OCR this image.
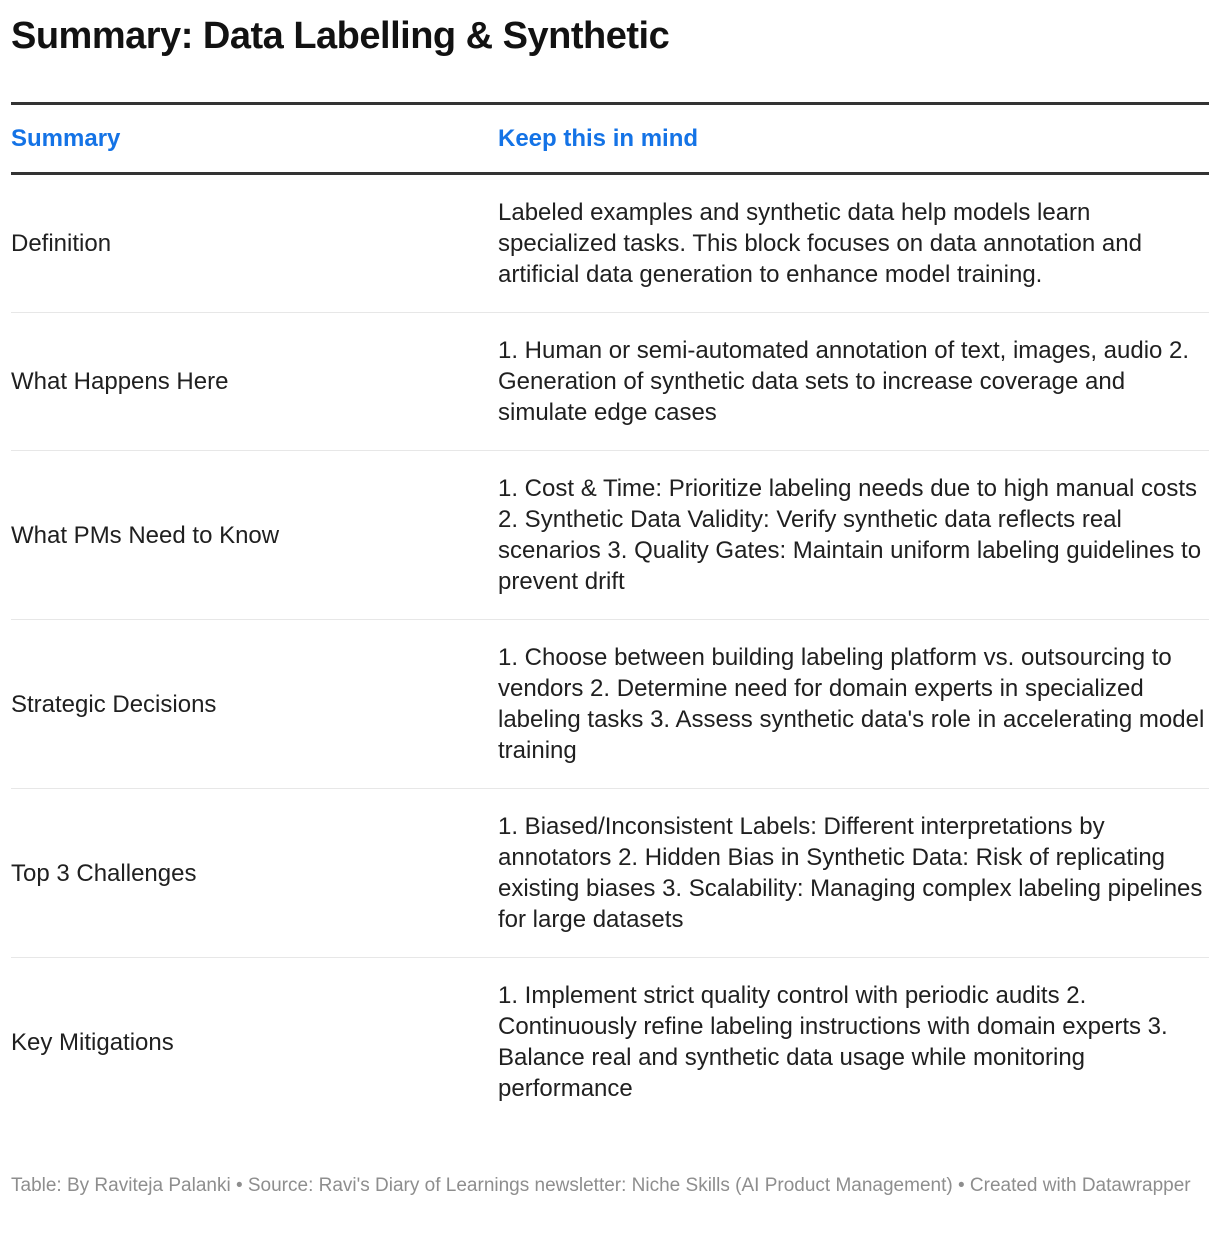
Summary: Data Labelling & Synthetic
Summary	Keep this in mind
Definition	Labeled examples and synthetic data help models learn specialized tasks. This block focuses on data annotation and artificial data generation to enhance model training.
What Happens Here	1. Human or semi-automated annotation of text, images, audio 2. Generation of synthetic data sets to increase coverage and simulate edge cases
What PMs Need to Know	1. Cost & Time: Prioritize labeling needs due to high manual costs 2. Synthetic Data Validity: Verify synthetic data reflects real scenarios 3. Quality Gates: Maintain uniform labeling guidelines to prevent drift
Strategic Decisions	1. Choose between building labeling platform vs. outsourcing to vendors 2. Determine need for domain experts in specialized labeling tasks 3. Assess synthetic data's role in accelerating model training
Top 3 Challenges	1. Biased/Inconsistent Labels: Different interpretations by annotators 2. Hidden Bias in Synthetic Data: Risk of replicating existing biases 3. Scalability: Managing complex labeling pipelines for large datasets
Key Mitigations	1. Implement strict quality control with periodic audits 2. Continuously refine labeling instructions with domain experts 3. Balance real and synthetic data usage while monitoring performance
Table: By Raviteja Palanki • Source: Ravi's Diary of Learnings newsletter: Niche Skills (AI Product Management) • Created with Datawrapper
